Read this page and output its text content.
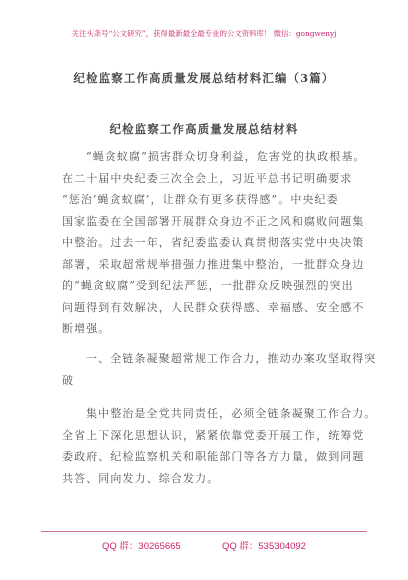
关注头条号“公文研究”，获得最新最全最专业的公文资料库！ 微信：gongwenyj
纪检监察工作高质量发展总结材料汇编（3篇）
纪检监察工作高质量发展总结材料
“蝇贪蚁腐”损害群众切身利益，危害党的执政根基。
在二十届中央纪委三次全会上，习近平总书记明确要求
“惩治‘蝇贪蚁腐’，让群众有更多获得感”。中央纪委
国家监委在全国部署开展群众身边不正之风和腐败问题集
中整治。过去一年，省纪委监委认真贯彻落实党中央决策
部署，采取超常规举措强力推进集中整治，一批群众身边
的“蝇贪蚁腐”受到纪法严惩，一批群众反映强烈的突出
问题得到有效解决，人民群众获得感、幸福感、安全感不
断增强。
一、全链条凝聚超常规工作合力，推动办案攻坚取得突
破
集中整治是全党共同责任，必须全链条凝聚工作合力。
全省上下深化思想认识，紧紧依靠党委开展工作，统筹党
委政府、纪检监察机关和职能部门等各方力量，做到同题
共答、同向发力、综合发力。
QQ 群：30265665	QQ 群：535304092
